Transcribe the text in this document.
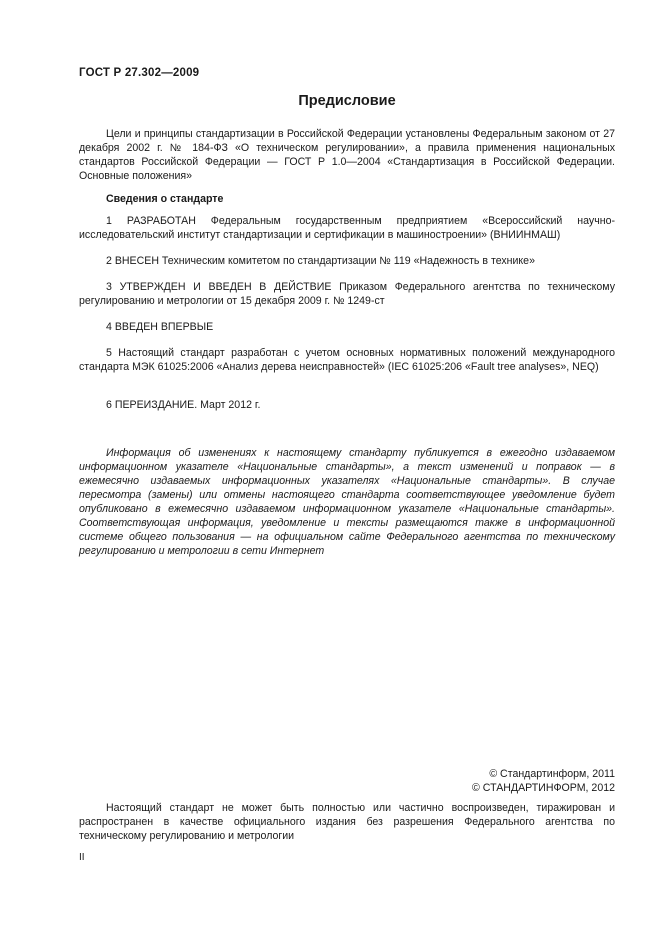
ГОСТ Р 27.302—2009
Предисловие
Цели и принципы стандартизации в Российской Федерации установлены Федеральным законом от 27 декабря 2002 г. № 184-ФЗ «О техническом регулировании», а правила применения национальных стандартов Российской Федерации — ГОСТ Р 1.0—2004 «Стандартизация в Российской Федерации. Основные положения»
Сведения о стандарте
1 РАЗРАБОТАН Федеральным государственным предприятием «Всероссийский научно-исследовательский институт стандартизации и сертификации в машиностроении» (ВНИИНМАШ)
2 ВНЕСЕН Техническим комитетом по стандартизации № 119 «Надежность в технике»
3 УТВЕРЖДЕН И ВВЕДЕН В ДЕЙСТВИЕ Приказом Федерального агентства по техническому регулированию и метрологии от 15 декабря 2009 г. № 1249-ст
4 ВВЕДЕН ВПЕРВЫЕ
5 Настоящий стандарт разработан с учетом основных нормативных положений международного стандарта МЭК 61025:2006 «Анализ дерева неисправностей» (IEC 61025:206 «Fault tree analyses», NEQ)
6 ПЕРЕИЗДАНИЕ. Март 2012 г.
Информация об изменениях к настоящему стандарту публикуется в ежегодно издаваемом информационном указателе «Национальные стандарты», а текст изменений и поправок — в ежемесячно издаваемых информационных указателях «Национальные стандарты». В случае пересмотра (замены) или отмены настоящего стандарта соответствующее уведомление будет опубликовано в ежемесячно издаваемом информационном указателе «Национальные стандарты». Соответствующая информация, уведомление и тексты размещаются также в информационной системе общего пользования — на официальном сайте Федерального агентства по техническому регулированию и метрологии в сети Интернет
© Стандартинформ, 2011
© СТАНДАРТИНФОРМ, 2012
Настоящий стандарт не может быть полностью или частично воспроизведен, тиражирован и распространен в качестве официального издания без разрешения Федерального агентства по техническому регулированию и метрологии
II
